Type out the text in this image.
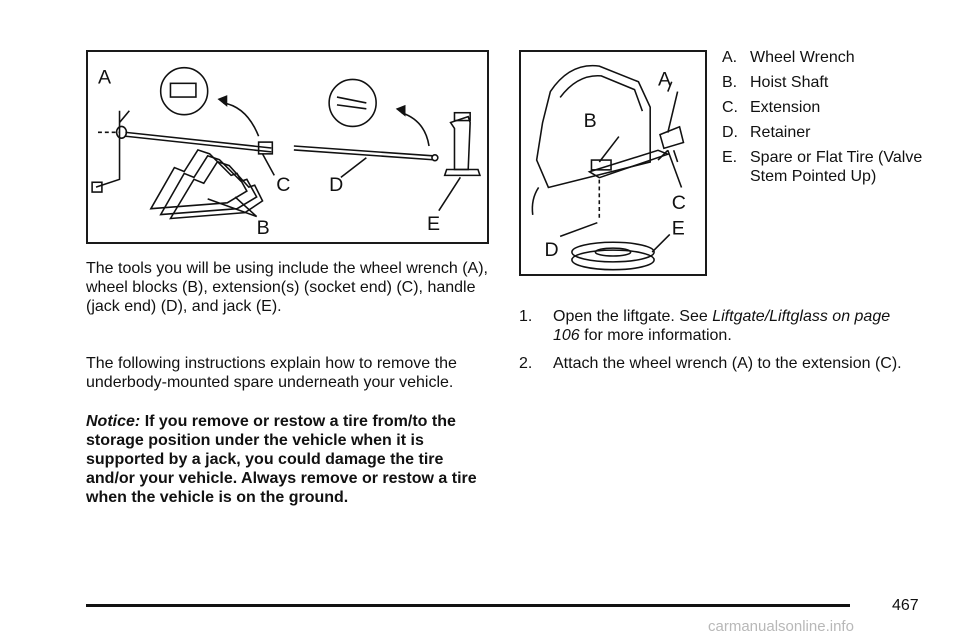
A
B
C D
E
A
B
C
D
E
The tools you will be using include the wheel wrench (A), wheel blocks (B), extension(s) (socket end) (C), handle (jack end) (D), and jack (E).
The following instructions explain how to remove the underbody-mounted spare underneath your vehicle.
Notice: If you remove or restow a tire from/to the storage position under the vehicle when it is supported by a jack, you could damage the tire and/or your vehicle. Always remove or restow a tire when the vehicle is on the ground.
A. Wheel Wrench
B. Hoist Shaft
C. Extension
D. Retainer
E. Spare or Flat Tire (Valve Stem Pointed Up)
1.	Open the liftgate. See Liftgate/Liftglass on page 106 for more information.
2.	Attach the wheel wrench (A) to the extension (C).
467
carmanualsonline.info
